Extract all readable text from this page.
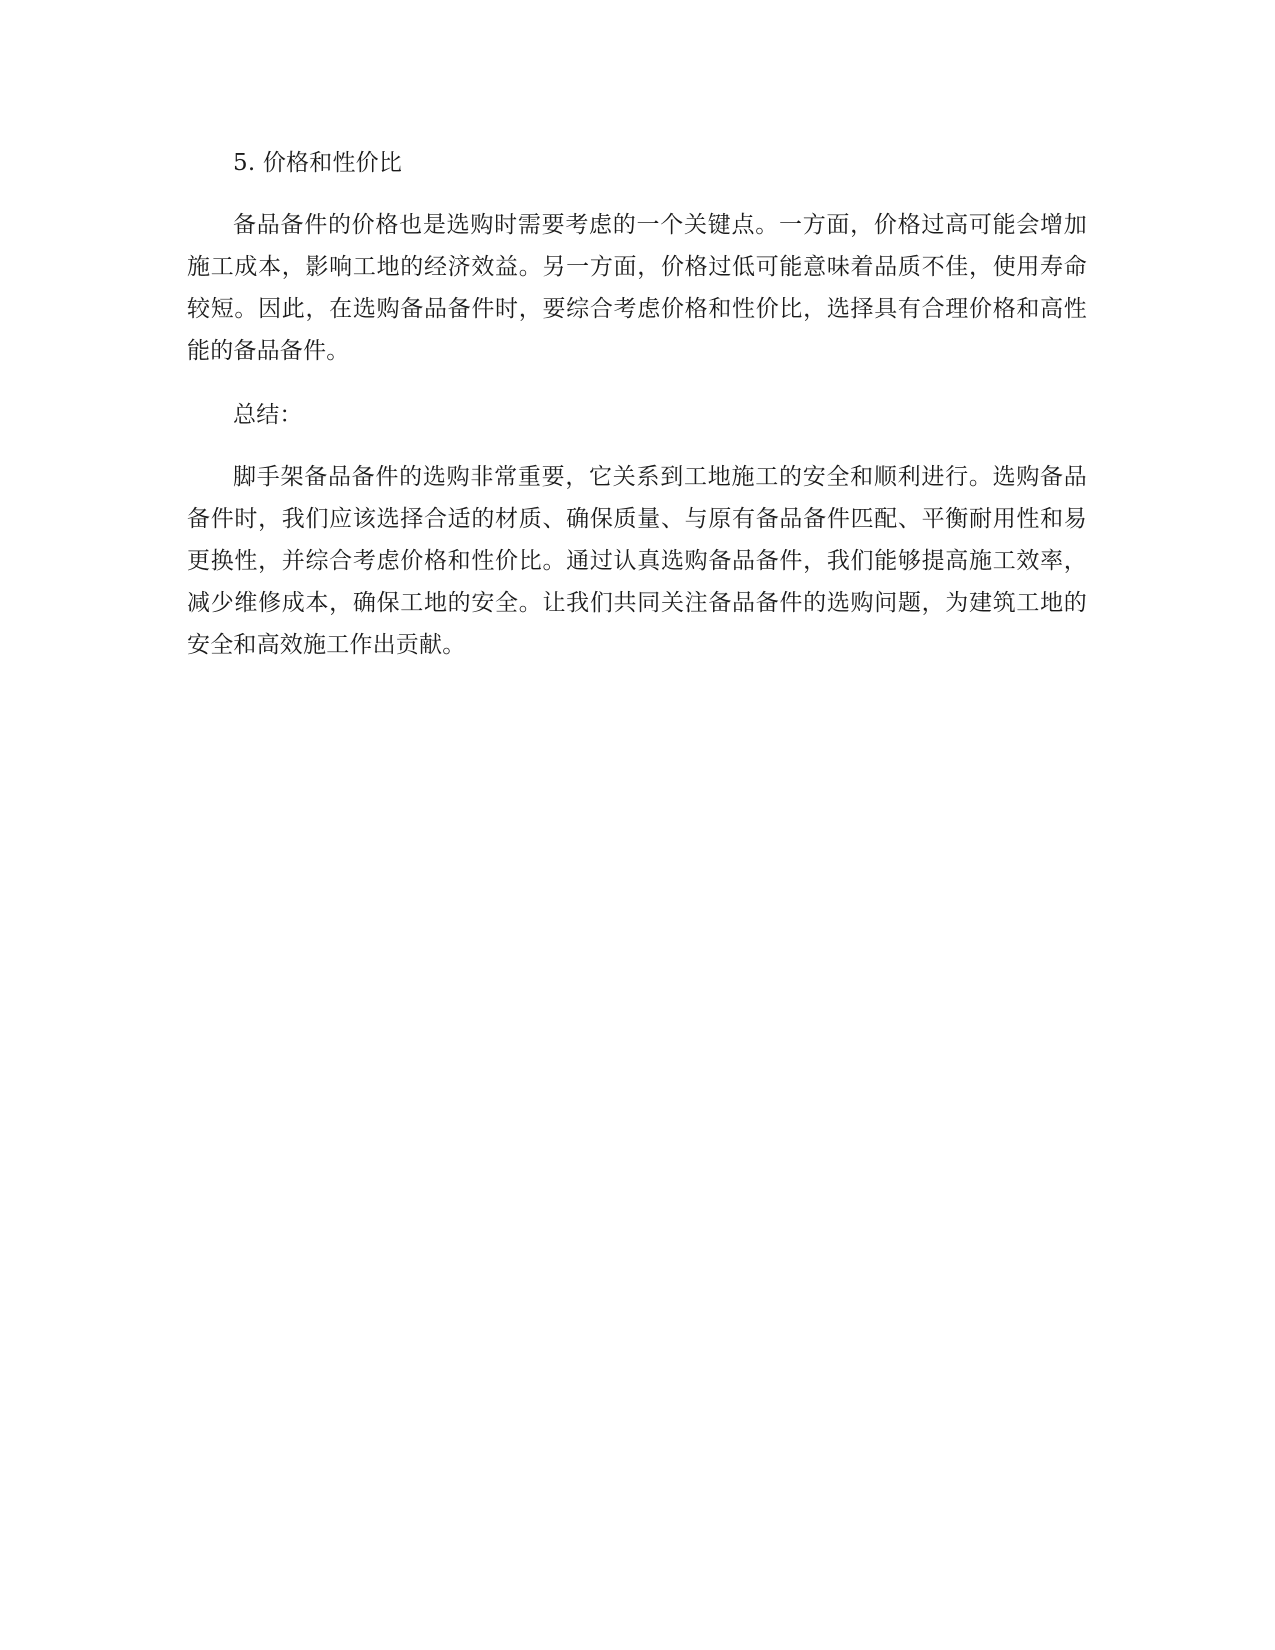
5. 价格和性价比

备品备件的价格也是选购时需要考虑的一个关键点。一方面，价格过高可能会增加施工成本，影响工地的经济效益。另一方面，价格过低可能意味着品质不佳，使用寿命较短。因此，在选购备品备件时，要综合考虑价格和性价比，选择具有合理价格和高性能的备品备件。

总结：

脚手架备品备件的选购非常重要，它关系到工地施工的安全和顺利进行。选购备品备件时，我们应该选择合适的材质、确保质量、与原有备品备件匹配、平衡耐用性和易更换性，并综合考虑价格和性价比。通过认真选购备品备件，我们能够提高施工效率，减少维修成本，确保工地的安全。让我们共同关注备品备件的选购问题，为建筑工地的安全和高效施工作出贡献。
